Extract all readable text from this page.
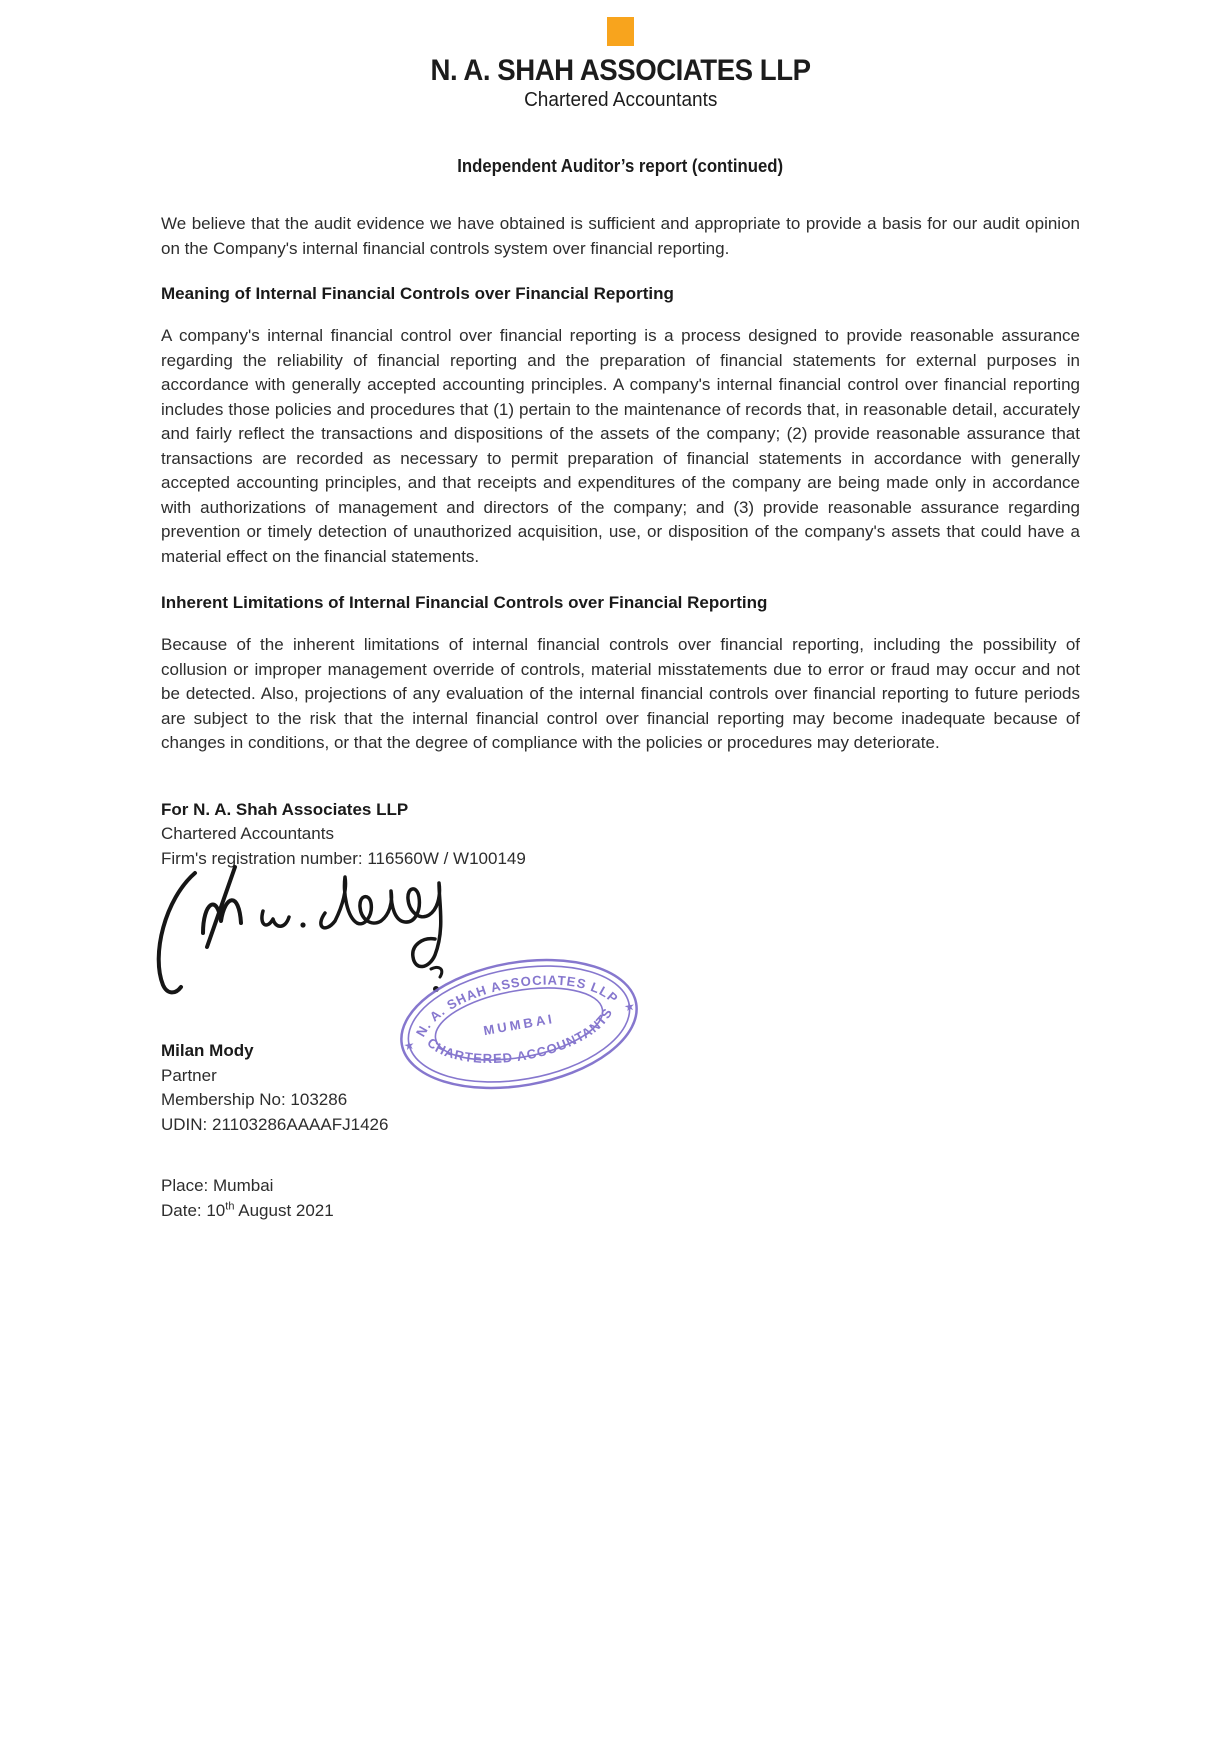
N. A. SHAH ASSOCIATES LLP
Chartered Accountants
Independent Auditor’s report (continued)

We believe that the audit evidence we have obtained is sufficient and appropriate to provide a basis for our audit opinion on the Company's internal financial controls system over financial reporting.

Meaning of Internal Financial Controls over Financial Reporting

A company's internal financial control over financial reporting is a process designed to provide reasonable assurance regarding the reliability of financial reporting and the preparation of financial statements for external purposes in accordance with generally accepted accounting principles. A company's internal financial control over financial reporting includes those policies and procedures that (1) pertain to the maintenance of records that, in reasonable detail, accurately and fairly reflect the transactions and dispositions of the assets of the company; (2) provide reasonable assurance that transactions are recorded as necessary to permit preparation of financial statements in accordance with generally accepted accounting principles, and that receipts and expenditures of the company are being made only in accordance with authorizations of management and directors of the company; and (3) provide reasonable assurance regarding prevention or timely detection of unauthorized acquisition, use, or disposition of the company's assets that could have a material effect on the financial statements.

Inherent Limitations of Internal Financial Controls over Financial Reporting

Because of the inherent limitations of internal financial controls over financial reporting, including the possibility of collusion or improper management override of controls, material misstatements due to error or fraud may occur and not be detected. Also, projections of any evaluation of the internal financial controls over financial reporting to future periods are subject to the risk that the internal financial control over financial reporting may become inadequate because of changes in conditions, or that the degree of compliance with the policies or procedures may deteriorate.

For N. A. Shah Associates LLP
Chartered Accountants
Firm's registration number: 116560W / W100149
N. A. SHAH ASSOCIATES LLP
CHARTERED ACCOUNTANTS
MUMBAI
★
★
Milan Mody
Partner
Membership No: 103286
UDIN: 21103286AAAAFJ1426
Place: Mumbai
Date: 10th August 2021
